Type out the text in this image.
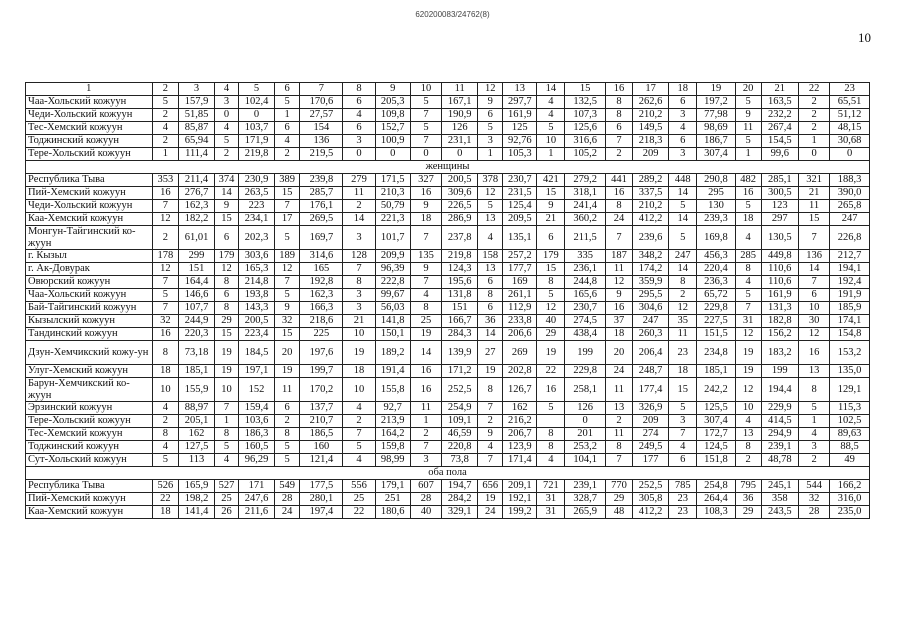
620200083/24762(8)
10
1	2	3	4	5	6	7	8	9	10	11	12	13	14	15	16	17	18	19	20	21	22	23
Чаа-Хольский кожуун	5	157,9	3	102,4	5	170,6	6	205,3	5	167,1	9	297,7	4	132,5	8	262,6	6	197,2	5	163,5	2	65,51
Чеди-Хольский кожуун	2	51,85	0	0	1	27,57	4	109,8	7	190,9	6	161,9	4	107,3	8	210,2	3	77,98	9	232,2	2	51,12
Тес-Хемский кожуун	4	85,87	4	103,7	6	154	6	152,7	5	126	5	125	5	125,6	6	149,5	4	98,69	11	267,4	2	48,15
Тоджинский кожуун	2	65,94	5	171,9	4	136	3	100,9	7	231,1	3	92,76	10	316,6	7	218,3	6	186,7	5	154,5	1	30,68
Тере-Хольский кожуун	1	111,4	2	219,8	2	219,5	0	0	0	0	1	105,3	1	105,2	2	209	3	307,4	1	99,6	0	0
женщины																						
Республика Тыва	353	211,4	374	230,9	389	239,8	279	171,5	327	200,5	378	230,7	421	279,2	441	289,2	448	290,8	482	285,1	321	188,3
Пий-Хемский кожуун	16	276,7	14	263,5	15	285,7	11	210,3	16	309,6	12	231,5	15	318,1	16	337,5	14	295	16	300,5	21	390,0
Чеди-Хольский кожуун	7	162,3	9	223	7	176,1	2	50,79	9	226,5	5	125,4	9	241,4	8	210,2	5	130	5	123	11	265,8
Каа-Хемский кожуун	12	182,2	15	234,1	17	269,5	14	221,3	18	286,9	13	209,5	21	360,2	24	412,2	14	239,3	18	297	15	247
Монгун-Тайгинский ко-жуун	2	61,01	6	202,3	5	169,7	3	101,7	7	237,8	4	135,1	6	211,5	7	239,6	5	169,8	4	130,5	7	226,8
г. Кызыл	178	299	179	303,6	189	314,6	128	209,9	135	219,8	158	257,2	179	335	187	348,2	247	456,3	285	449,8	136	212,7
г. Ак-Довурак	12	151	12	165,3	12	165	7	96,39	9	124,3	13	177,7	15	236,1	11	174,2	14	220,4	8	110,6	14	194,1
Овюрский кожуун	7	164,4	8	214,8	7	192,8	8	222,8	7	195,6	6	169	8	244,8	12	359,9	8	236,3	4	110,6	7	192,4
Чаа-Хольский кожуун	5	146,6	6	193,8	5	162,3	3	99,67	4	131,8	8	261,1	5	165,6	9	295,5	2	65,72	5	161,9	6	191,9
Бай-Тайгинский кожуун	7	107,7	8	143,3	9	166,3	3	56,03	8	151	6	112,9	12	230,7	16	304,6	12	229,8	7	131,3	10	185,9
Кызылский кожуун	32	244,9	29	200,5	32	218,6	21	141,8	25	166,7	36	233,8	40	274,5	37	247	35	227,5	31	182,8	30	174,1
Тандинский кожуун	16	220,3	15	223,4	15	225	10	150,1	19	284,3	14	206,6	29	438,4	18	260,3	11	151,5	12	156,2	12	154,8
Дзун-Хемчикский кожу-ун	8	73,18	19	184,5	20	197,6	19	189,2	14	139,9	27	269	19	199	20	206,4	23	234,8	19	183,2	16	153,2
Улуг-Хемский кожуун	18	185,1	19	197,1	19	199,7	18	191,4	16	171,2	19	202,8	22	229,8	24	248,7	18	185,1	19	199	13	135,0
Барун-Хемчикский ко-жуун	10	155,9	10	152	11	170,2	10	155,8	16	252,5	8	126,7	16	258,1	11	177,4	15	242,2	12	194,4	8	129,1
Эрзинский кожуун	4	88,97	7	159,4	6	137,7	4	92,7	11	254,9	7	162	5	126	13	326,9	5	125,5	10	229,9	5	115,3
Тере-Хольский кожуун	2	205,1	1	103,6	2	210,7	2	213,9	1	109,1	2	216,2		0	2	209	3	307,4	4	414,5	1	102,5
Тес-Хемский кожуун	8	162	8	186,3	8	186,5	7	164,2	2	46,59	9	206,7	8	201	11	274	7	172,7	13	294,9	4	89,63
Тоджинский кожуун	4	127,5	5	160,5	5	160	5	159,8	7	220,8	4	123,9	8	253,2	8	249,5	4	124,5	8	239,1	3	88,5
Сут-Хольский кожуун	5	113	4	96,29	5	121,4	4	98,99	3	73,8	7	171,4	4	104,1	7	177	6	151,8	2	48,78	2	49
оба пола																						
Республика Тыва	526	165,9	527	171	549	177,5	556	179,1	607	194,7	656	209,1	721	239,1	770	252,5	785	254,8	795	245,1	544	166,2
Пий-Хемский кожуун	22	198,2	25	247,6	28	280,1	25	251	28	284,2	19	192,1	31	328,7	29	305,8	23	264,4	36	358	32	316,0
Каа-Хемский кожуун	18	141,4	26	211,6	24	197,4	22	180,6	40	329,1	24	199,2	31	265,9	48	412,2	23	108,3	29	243,5	28	235,0
